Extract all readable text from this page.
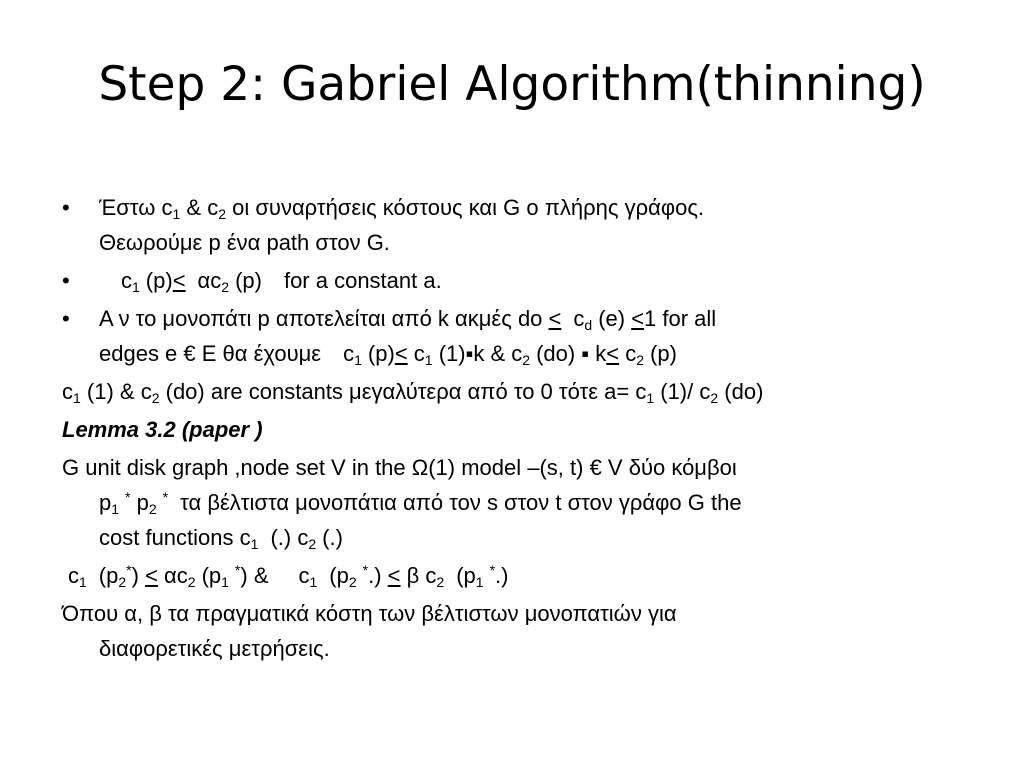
Step 2: Gabriel Algorithm(thinning)
• Έστω $c_1$ & $c_2$ οι συναρτήσεις κόστους και G ο πλήρης γράφος.
Θεωρούμε p ένα path στον G.
• $c_1$ $(p)< \alpha c_2$ (p) for a constant a.
• A ν το μονοπάτι p αποτελείται από k ακμές do ≤ $c_d$ (e) ≤1 for all
edges e € E θα έχουμε $c_1$ $(p)\le c_1$ (1)▪k & $c_2$ (do) ▪ $k\le c_2$ (p)
$c_1$ (1) & $c_2$ (do) are constants μεγαλύτερα από το 0 τότε $a= c_1$ (1)/ $c_2$ (do)
Lemma 3.2 (paper )
G unit disk graph ,node set V in the Ω(1) model –(s, t) € V δύο κόμβοι
$p_1^*$ $p_2^*$ τα βέλτιστα μονοπάτια από τον s στον t στον γράφο G the
cost functions $c_1$ (.) $c_2$ (.)
$c_1$ $(p_2^*) < \alpha c_2$ $(p_1^*)$ & $c_1$ $(p_2^*.) < \beta$ $c_2$ $(p_1^*.)$
Όπου α, β τα πραγματικά κόστη των βέλτιστων μονοπατιών για
διαφορετικές μετρήσεις.
